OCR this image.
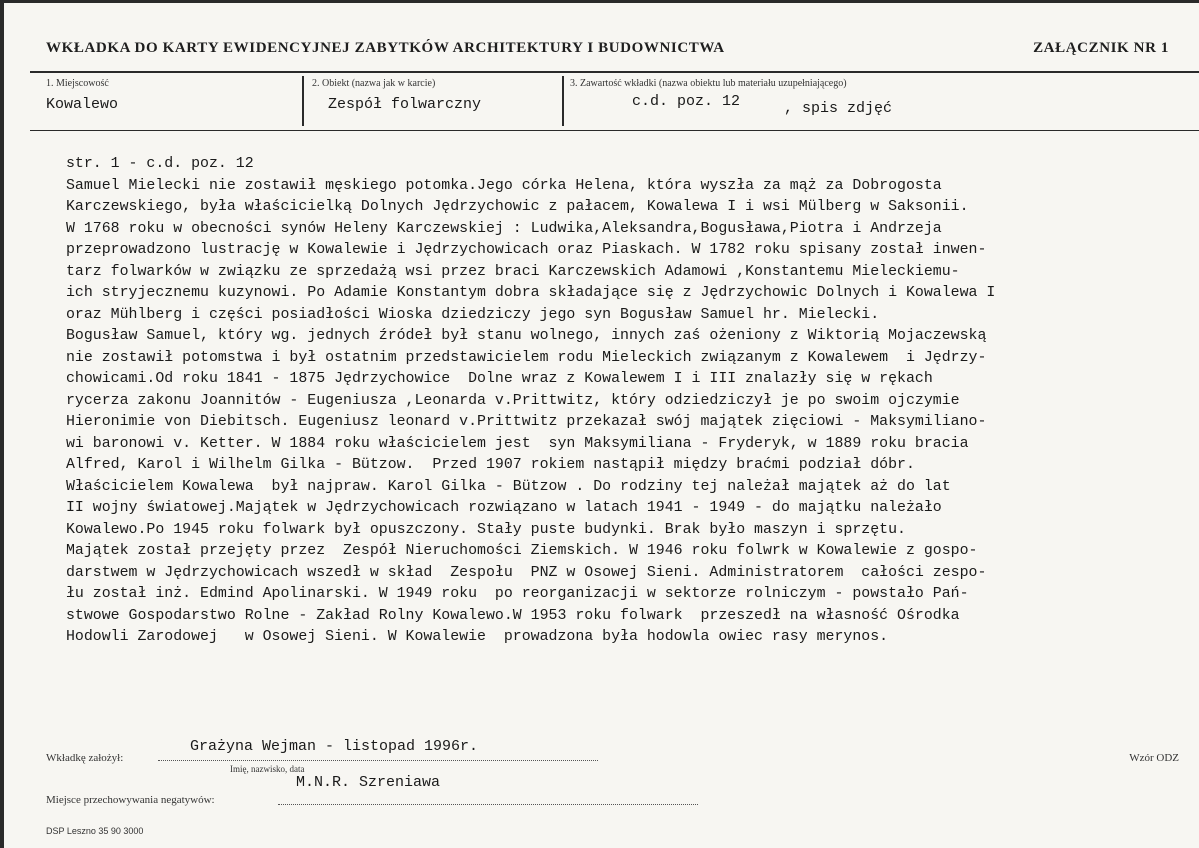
WKŁADKA DO KARTY EWIDENCYJNEJ ZABYTKÓW ARCHITEKTURY I BUDOWNICTWA	ZAŁĄCZNIK NR 1
1. Miejscowość
Kowalewo
2. Obiekt (nazwa jak w karcie)
Zespół folwarczny
3. Zawartość wkładki (nazwa obiektu lub materiału uzupełniającego)
c.d. poz. 12	, spis zdjęć
str. 1 - c.d. poz. 12
Samuel Mielecki nie zostawił męskiego potomka.Jego córka Helena, która wyszła za mąż za Dobrogosta
Karczewskiego, była właścicielką Dolnych Jędrzychowic z pałacem, Kowalewa I i wsi Mülberg w Saksonii.
W 1768 roku w obecności synów Heleny Karczewskiej : Ludwika,Aleksandra,Bogusława,Piotra i Andrzeja
przeprowadzono lustrację w Kowalewie i Jędrzychowicach oraz Piaskach. W 1782 roku spisany został inwen-
tarz folwarków w związku ze sprzedażą wsi przez braci Karczewskich Adamowi ,Konstantemu Mieleckiemu-
ich stryjecznemu kuzynowi. Po Adamie Konstantym dobra składające się z Jędrzychowic Dolnych i Kowalewa I
oraz Mühlberg i części posiadłości Wioska dziedziczy jego syn Bogusław Samuel hr. Mielecki.
Bogusław Samuel, który wg. jednych źródeł był stanu wolnego, innych zaś ożeniony z Wiktorią Mojaczewską
nie zostawił potomstwa i był ostatnim przedstawicielem rodu Mieleckich związanym z Kowalewem  i Jędrzy-
chowicami.Od roku 1841 - 1875 Jędrzychowice  Dolne wraz z Kowalewem I i III znalazły się w rękach
rycerza zakonu Joannitów - Eugeniusza ,Leonarda v.Prittwitz, który odziedziczył je po swoim ojczymie
Hieronimie von Diebitsch. Eugeniusz leonard v.Prittwitz przekazał swój majątek zięciowi - Maksymiliano-
wi baronowi v. Ketter. W 1884 roku właścicielem jest  syn Maksymiliana - Fryderyk, w 1889 roku bracia
Alfred, Karol i Wilhelm Gilka - Bützow.  Przed 1907 rokiem nastąpił między braćmi podział dóbr.
Właścicielem Kowalewa  był najpraw. Karol Gilka - Bützow . Do rodziny tej należał majątek aż do lat
II wojny światowej.Majątek w Jędrzychowicach rozwiązano w latach 1941 - 1949 - do majątku należało
Kowalewo.Po 1945 roku folwark był opuszczony. Stały puste budynki. Brak było maszyn i sprzętu.
Majątek został przejęty przez  Zespół Nieruchomości Ziemskich. W 1946 roku folwrk w Kowalewie z gospo-
darstwem w Jędrzychowicach wszedł w skład  Zespołu  PNZ w Osowej Sieni. Administratorem  całości zespo-
łu został inż. Edmind Apolinarski. W 1949 roku  po reorganizacji w sektorze rolniczym - powstało Pań-
stwowe Gospodarstwo Rolne - Zakład Rolny Kowalewo.W 1953 roku folwark  przeszedł na własność Ośrodka
Hodowli Zarodowej   w Osowej Sieni. W Kowalewie  prowadzona była hodowla owiec rasy merynos.
Wkładkę założył:
Grażyna Wejman - listopad 1996r.
Imię, nazwisko, data
M.N.R. Szreniawa
Wzór ODZ
Miejsce przechowywania negatywów:
DSP Leszno 35 90 3000
